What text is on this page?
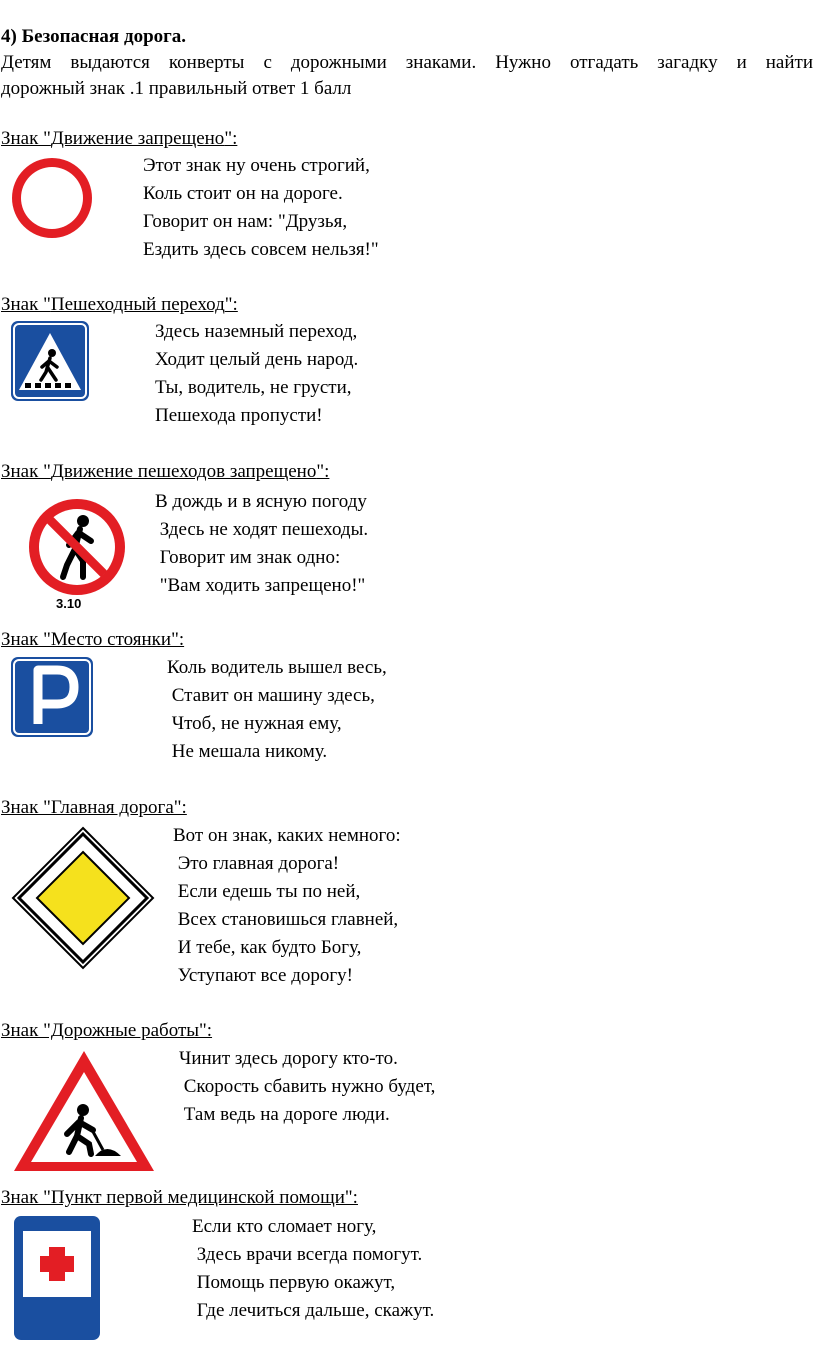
4) Безопасная дорога.
Детям выдаются конверты с дорожными знаками. Нужно отгадать загадку и найти
дорожный знак .1 правильный ответ 1 балл
Знак "Движение запрещено":
Этот знак ну очень строгий,
Коль стоит он на дороге.
Говорит он нам: "Друзья,
Ездить здесь совсем нельзя!"
Знак "Пешеходный переход":
Здесь наземный переход,
Ходит целый день народ.
Ты, водитель, не грусти,
Пешехода пропусти!
Знак "Движение пешеходов запрещено":
3.10
В дождь и в ясную погоду
Здесь не ходят пешеходы.
Говорит им знак одно:
"Вам ходить запрещено!"
Знак "Место стоянки":
Коль водитель вышел весь,
Ставит он машину здесь,
Чтоб, не нужная ему,
Не мешала никому.
Знак "Главная дорога":
Вот он знак, каких немного:
Это главная дорога!
Если едешь ты по ней,
Всех становишься главней,
И тебе, как будто Богу,
Уступают все дорогу!
Знак "Дорожные работы":
Чинит здесь дорогу кто-то.
Скорость сбавить нужно будет,
Там ведь на дороге люди.
Знак "Пункт первой медицинской помощи":
Если кто сломает ногу,
Здесь врачи всегда помогут.
Помощь первую окажут,
Где лечиться дальше, скажут.
